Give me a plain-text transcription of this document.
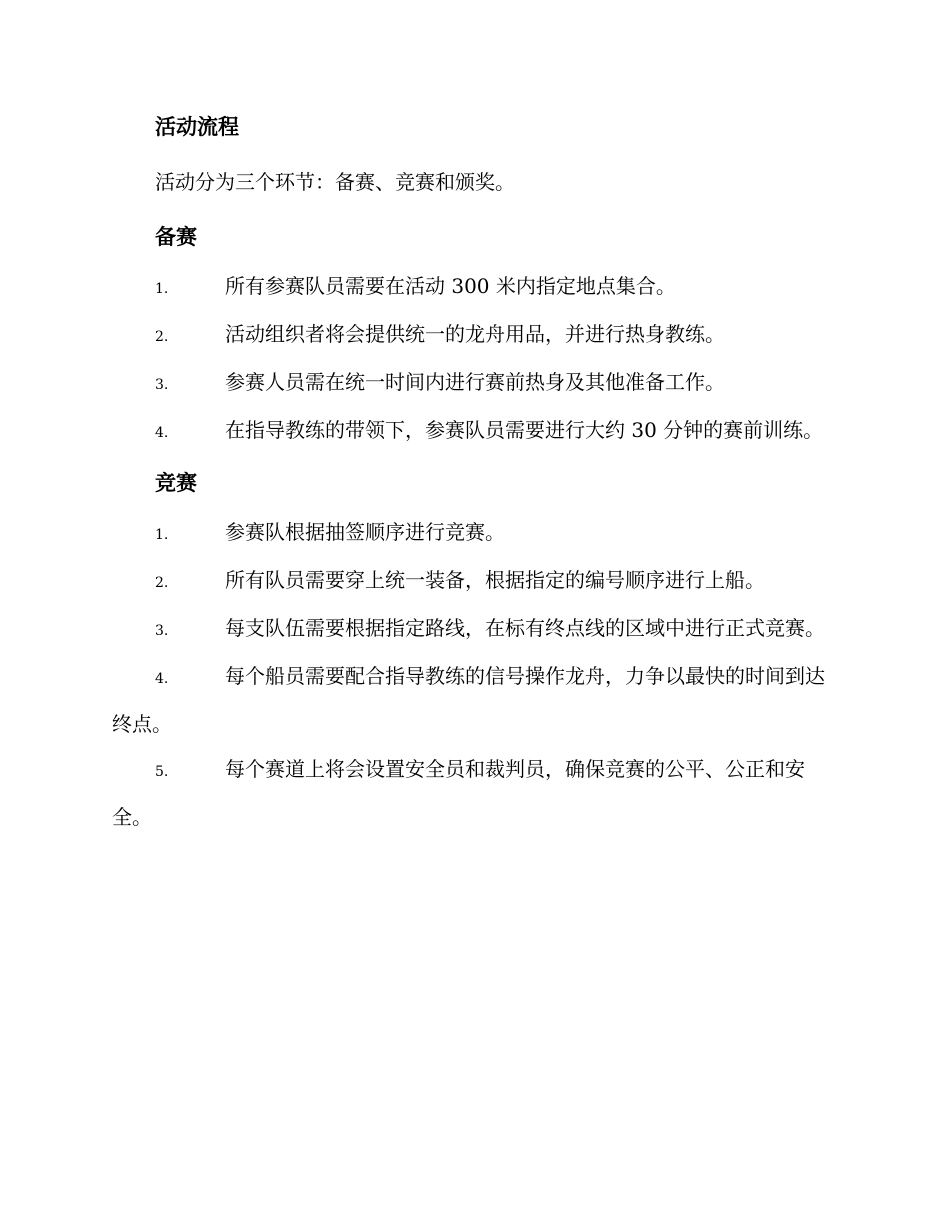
活动流程

活动分为三个环节：备赛、竞赛和颁奖。

备赛
1.	所有参赛队员需要在活动 300 米内指定地点集合。
2.	活动组织者将会提供统一的龙舟用品，并进行热身教练。
3.	参赛人员需在统一时间内进行赛前热身及其他准备工作。
4.	在指导教练的带领下，参赛队员需要进行大约 30 分钟的赛前训练。
竞赛
1.	参赛队根据抽签顺序进行竞赛。
2.	所有队员需要穿上统一装备，根据指定的编号顺序进行上船。
3.	每支队伍需要根据指定路线，在标有终点线的区域中进行正式竞赛。
4.	每个船员需要配合指导教练的信号操作龙舟，力争以最快的时间到达终点。
5.	每个赛道上将会设置安全员和裁判员，确保竞赛的公平、公正和安全。
